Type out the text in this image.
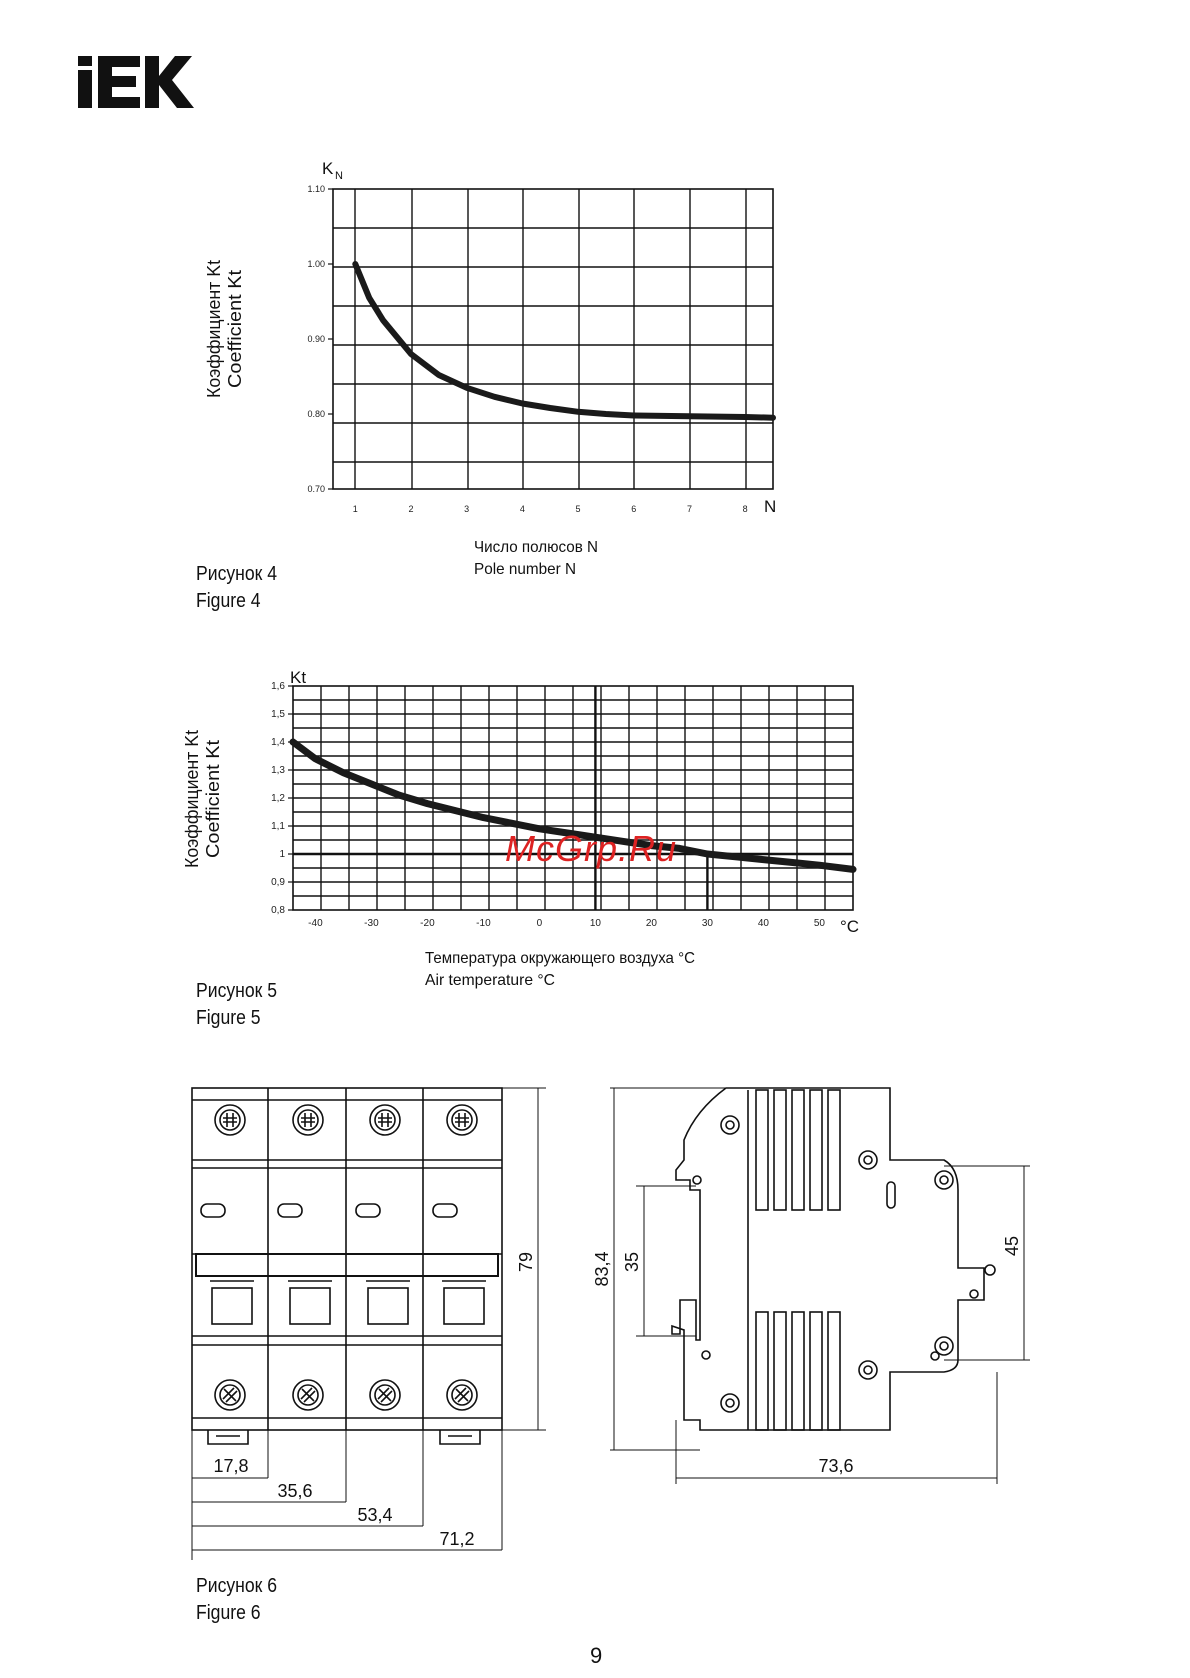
0.70
0.80
0.90
1.00
1.10
1	2	3	4	5	6	7	8
K N
N
Коэффициент Kt Coefficient Kt
Число полюсов N
Pole number N
Рисунок 4
Figure 4
0,8
0,9
1
1,1
1,2
1,3
1,4
1,5
1,6
-40	-30	-20	-10	0	10	20	30	40	50
Kt
°C
Коэффициент Kt Coefficient Kt
Температура окружающего воздуха °C
Air temperature °C
Рисунок 5
Figure 5
McGrp.Ru
79	83,4 35
45
73,6
17,8
35,6
53,4
71,2
Рисунок 6
Figure 6
9
